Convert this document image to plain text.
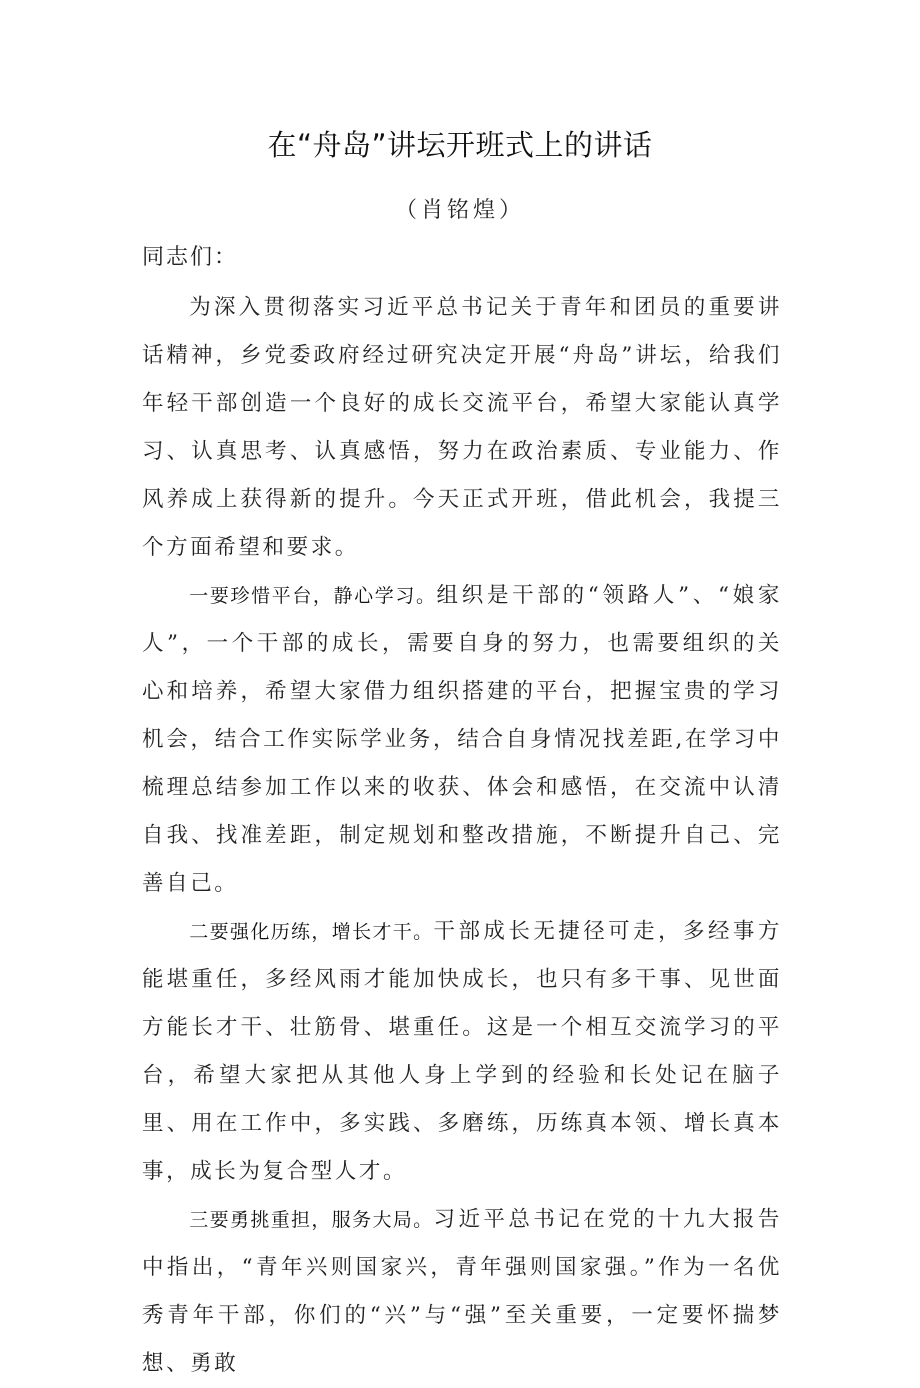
在“舟岛”讲坛开班式上的讲话
（肖铭煌）
同志们：

为深入贯彻落实习近平总书记关于青年和团员的重要讲话精神，乡党委政府经过研究决定开展“舟岛”讲坛，给我们年轻干部创造一个良好的成长交流平台，希望大家能认真学习、认真思考、认真感悟，努力在政治素质、专业能力、作风养成上获得新的提升。今天正式开班，借此机会，我提三个方面希望和要求。

一要珍惜平台，静心学习。组织是干部的“领路人”、“娘家人”，一个干部的成长，需要自身的努力，也需要组织的关心和培养，希望大家借力组织搭建的平台，把握宝贵的学习机会，结合工作实际学业务，结合自身情况找差距,在学习中梳理总结参加工作以来的收获、体会和感悟，在交流中认清自我、找准差距，制定规划和整改措施，不断提升自己、完善自己。

二要强化历练，增长才干。干部成长无捷径可走，多经事方能堪重任，多经风雨才能加快成长，也只有多干事、见世面方能长才干、壮筋骨、堪重任。这是一个相互交流学习的平台，希望大家把从其他人身上学到的经验和长处记在脑子里、用在工作中，多实践、多磨练，历练真本领、增长真本事，成长为复合型人才。

三要勇挑重担，服务大局。习近平总书记在党的十九大报告中指出，“青年兴则国家兴，青年强则国家强。”作为一名优秀青年干部，你们的“兴”与“强”至关重要，一定要怀揣梦想、勇敢
